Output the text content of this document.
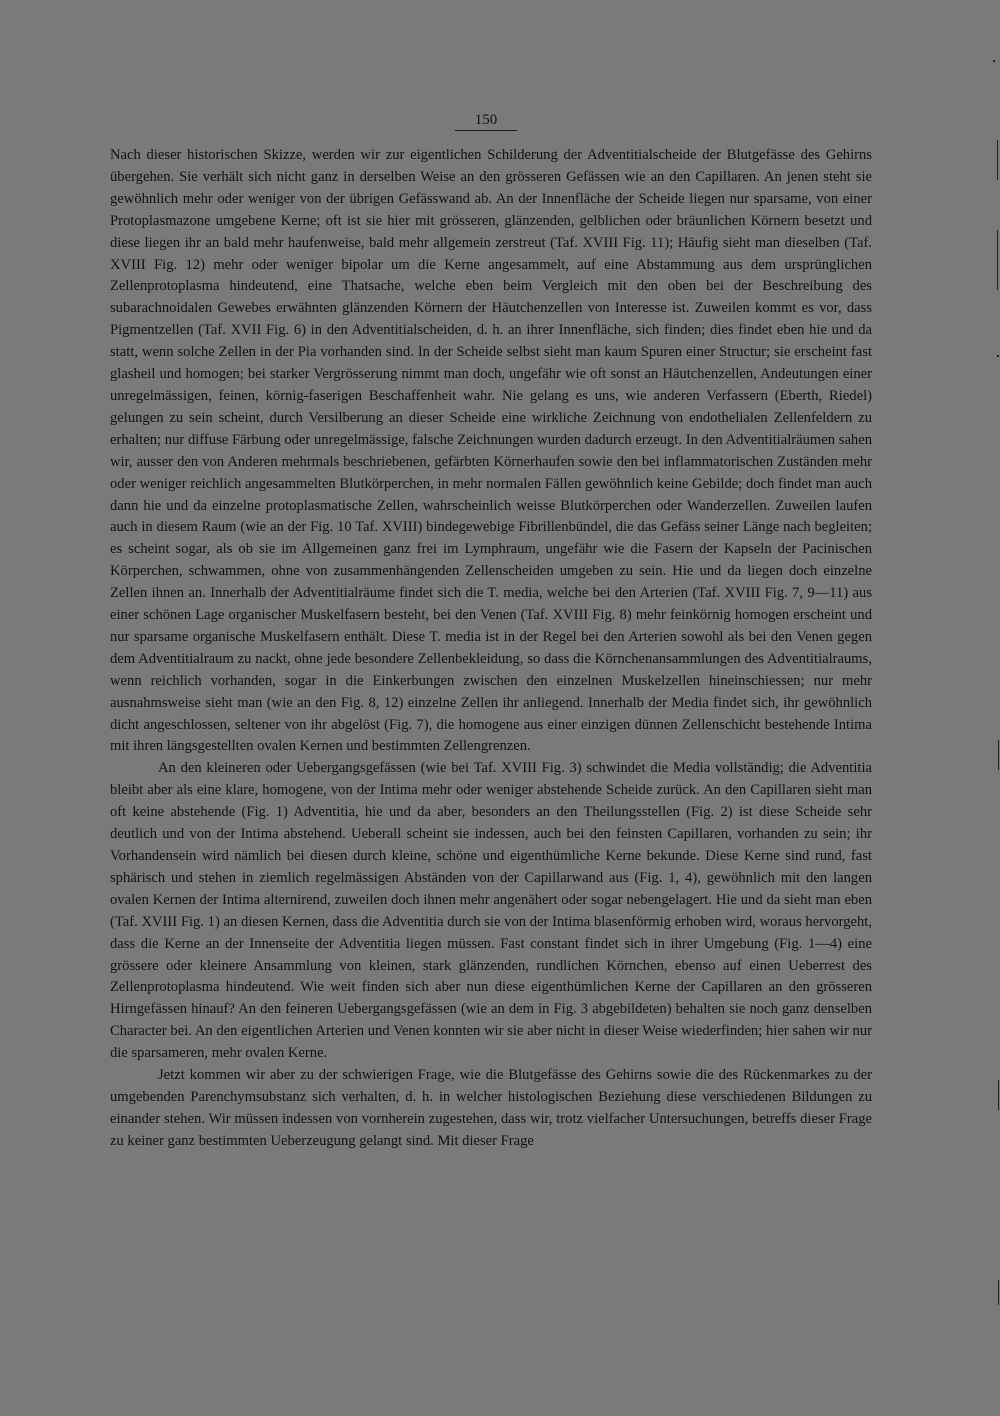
150

Nach dieser historischen Skizze, werden wir zur eigentlichen Schilderung der Adventitialscheide der Blutgefässe des Gehirns übergehen. Sie verhält sich nicht ganz in derselben Weise an den grösseren Gefässen wie an den Capillaren. An jenen steht sie gewöhnlich mehr oder weniger von der übrigen Gefässwand ab. An der Innenfläche der Scheide liegen nur sparsame, von einer Protoplasmazone umgebene Kerne; oft ist sie hier mit grösseren, glänzenden, gelblichen oder bräunlichen Körnern besetzt und diese liegen ihr an bald mehr haufenweise, bald mehr allgemein zerstreut (Taf. XVIII Fig. 11); Häufig sieht man dieselben (Taf. XVIII Fig. 12) mehr oder weniger bipolar um die Kerne angesammelt, auf eine Abstammung aus dem ursprünglichen Zellenprotoplasma hindeutend, eine Thatsache, welche eben beim Vergleich mit den oben bei der Beschreibung des subarachnoidalen Gewebes erwähnten glänzenden Körnern der Häutchenzellen von Interesse ist. Zuweilen kommt es vor, dass Pigmentzellen (Taf. XVII Fig. 6) in den Adventitialscheiden, d. h. an ihrer Innenfläche, sich finden; dies findet eben hie und da statt, wenn solche Zellen in der Pia vorhanden sind. In der Scheide selbst sieht man kaum Spuren einer Structur; sie erscheint fast glasheil und homogen; bei starker Vergrösserung nimmt man doch, ungefähr wie oft sonst an Häutchenzellen, Andeutungen einer unregelmässigen, feinen, körnig-faserigen Beschaffenheit wahr. Nie gelang es uns, wie anderen Verfassern (Eberth, Riedel) gelungen zu sein scheint, durch Versilberung an dieser Scheide eine wirkliche Zeichnung von endothelialen Zellenfeldern zu erhalten; nur diffuse Färbung oder unregelmässige, falsche Zeichnungen wurden dadurch erzeugt. In den Adventitialräumen sahen wir, ausser den von Anderen mehrmals beschriebenen, gefärbten Körnerhaufen sowie den bei inflammatorischen Zuständen mehr oder weniger reichlich angesammelten Blutkörperchen, in mehr normalen Fällen gewöhnlich keine Gebilde; doch findet man auch dann hie und da einzelne protoplasmatische Zellen, wahrscheinlich weisse Blutkörperchen oder Wanderzellen. Zuweilen laufen auch in diesem Raum (wie an der Fig. 10 Taf. XVIII) bindegewebige Fibrillenbündel, die das Gefäss seiner Länge nach begleiten; es scheint sogar, als ob sie im Allgemeinen ganz frei im Lymphraum, ungefähr wie die Fasern der Kapseln der Pacinischen Körperchen, schwammen, ohne von zusammenhängenden Zellenscheiden umgeben zu sein. Hie und da liegen doch einzelne Zellen ihnen an. Innerhalb der Adventitialräume findet sich die T. media, welche bei den Arterien (Taf. XVIII Fig. 7, 9—11) aus einer schönen Lage organischer Muskelfasern besteht, bei den Venen (Taf. XVIII Fig. 8) mehr feinkörnig homogen erscheint und nur sparsame organische Muskelfasern enthält. Diese T. media ist in der Regel bei den Arterien sowohl als bei den Venen gegen dem Adventitialraum zu nackt, ohne jede besondere Zellenbekleidung, so dass die Körnchenansammlungen des Adventitialraums, wenn reichlich vorhanden, sogar in die Einkerbungen zwischen den einzelnen Muskelzellen hineinschiessen; nur mehr ausnahmsweise sieht man (wie an den Fig. 8, 12) einzelne Zellen ihr anliegend. Innerhalb der Media findet sich, ihr gewöhnlich dicht angeschlossen, seltener von ihr abgelöst (Fig. 7), die homogene aus einer einzigen dünnen Zellenschicht bestehende Intima mit ihren längsgestellten ovalen Kernen und bestimmten Zellengrenzen.

An den kleineren oder Uebergangsgefässen (wie bei Taf. XVIII Fig. 3) schwindet die Media vollständig; die Adventitia bleibt aber als eine klare, homogene, von der Intima mehr oder weniger abstehende Scheide zurück. An den Capillaren sieht man oft keine abstehende (Fig. 1) Adventitia, hie und da aber, besonders an den Theilungsstellen (Fig. 2) ist diese Scheide sehr deutlich und von der Intima abstehend. Ueberall scheint sie indessen, auch bei den feinsten Capillaren, vorhanden zu sein; ihr Vorhandensein wird nämlich bei diesen durch kleine, schöne und eigenthümliche Kerne bekunde. Diese Kerne sind rund, fast sphärisch und stehen in ziemlich regelmässigen Abständen von der Capillarwand aus (Fig. 1, 4), gewöhnlich mit den langen ovalen Kernen der Intima alternirend, zuweilen doch ihnen mehr angenähert oder sogar nebengelagert. Hie und da sieht man eben (Taf. XVIII Fig. 1) an diesen Kernen, dass die Adventitia durch sie von der Intima blasenförmig erhoben wird, woraus hervorgeht, dass die Kerne an der Innenseite der Adventitia liegen müssen. Fast constant findet sich in ihrer Umgebung (Fig. 1—4) eine grössere oder kleinere Ansammlung von kleinen, stark glänzenden, rundlichen Körnchen, ebenso auf einen Ueberrest des Zellenprotoplasma hindeutend. Wie weit finden sich aber nun diese eigenthümlichen Kerne der Capillaren an den grösseren Hirngefässen hinauf? An den feineren Uebergangsgefässen (wie an dem in Fig. 3 abgebildeten) behalten sie noch ganz denselben Character bei. An den eigentlichen Arterien und Venen konnten wir sie aber nicht in dieser Weise wiederfinden; hier sahen wir nur die sparsameren, mehr ovalen Kerne.

Jetzt kommen wir aber zu der schwierigen Frage, wie die Blutgefässe des Gehirns sowie die des Rückenmarkes zu der umgebenden Parenchymsubstanz sich verhalten, d. h. in welcher histologischen Beziehung diese verschiedenen Bildungen zu einander stehen. Wir müssen indessen von vornherein zugestehen, dass wir, trotz vielfacher Untersuchungen, betreffs dieser Frage zu keiner ganz bestimmten Ueberzeugung gelangt sind. Mit dieser Frage
